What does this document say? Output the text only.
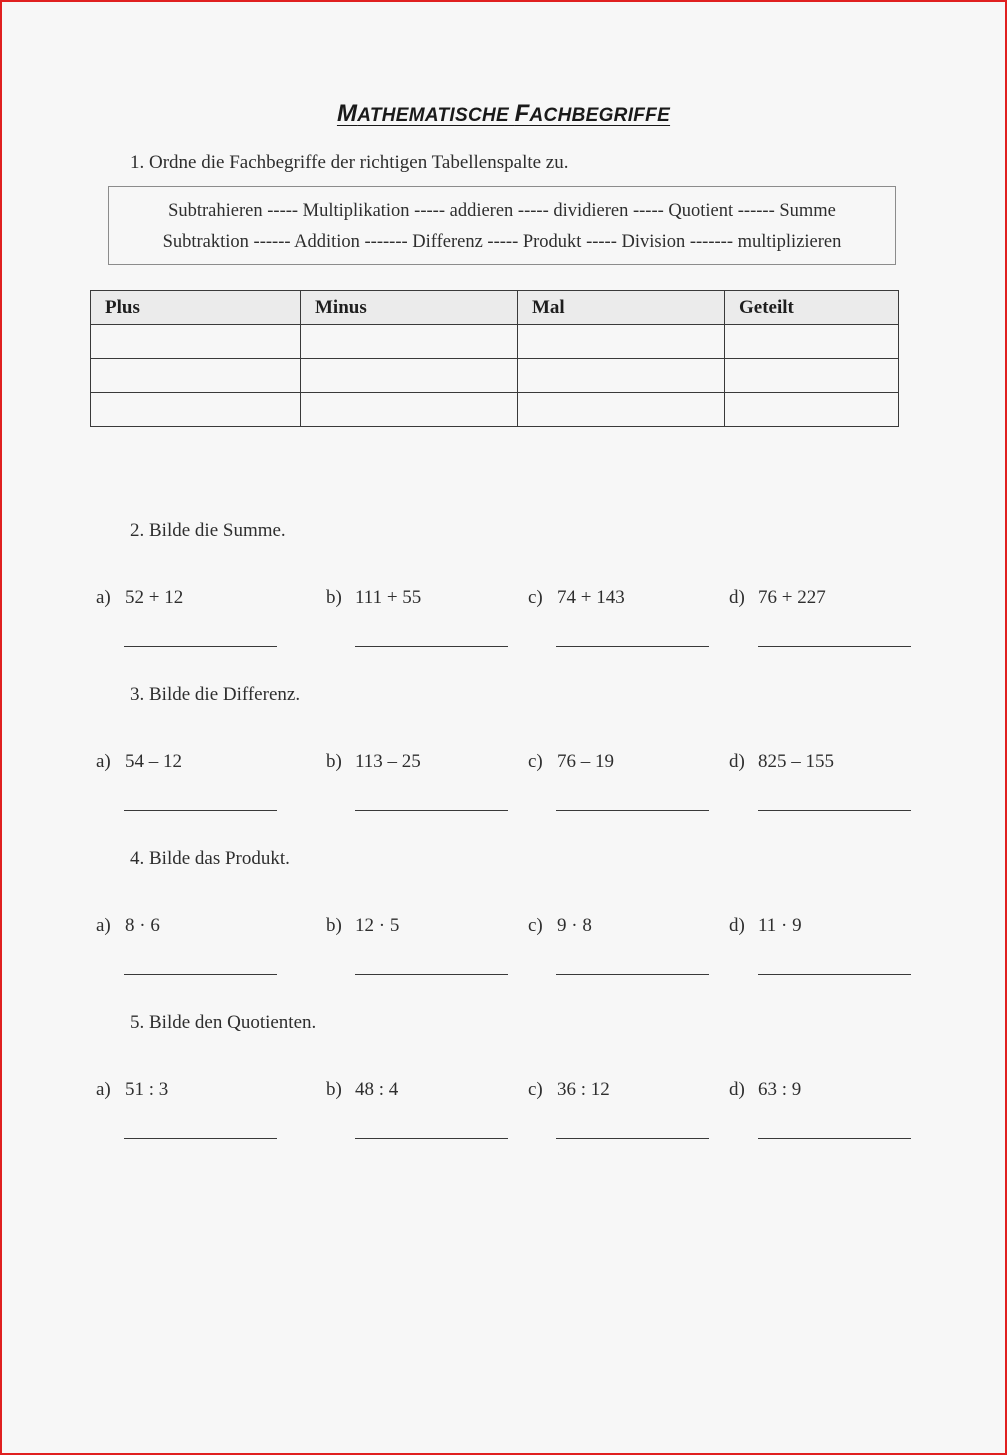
MATHEMATISCHE FACHBEGRIFFE
1. Ordne die Fachbegriffe der richtigen Tabellenspalte zu.
Subtrahieren ----- Multiplikation ----- addieren ----- dividieren ----- Quotient ------ Summe
Subtraktion ------ Addition ------- Differenz ----- Produkt ----- Division ------- multiplizieren
Plus	Minus	Mal	Geteilt

2. Bilde die Summe.
a) 52 + 12	b) 111 + 55	c) 74 + 143	d) 76 + 227
3. Bilde die Differenz.
a) 54 – 12	b) 113 – 25	c) 76 – 19	d) 825 – 155
4. Bilde das Produkt.
a) 8 · 6	b) 12 · 5	c) 9 · 8	d) 11 · 9
5. Bilde den Quotienten.
a) 51 : 3	b) 48 : 4	c) 36 : 12	d) 63 : 9
